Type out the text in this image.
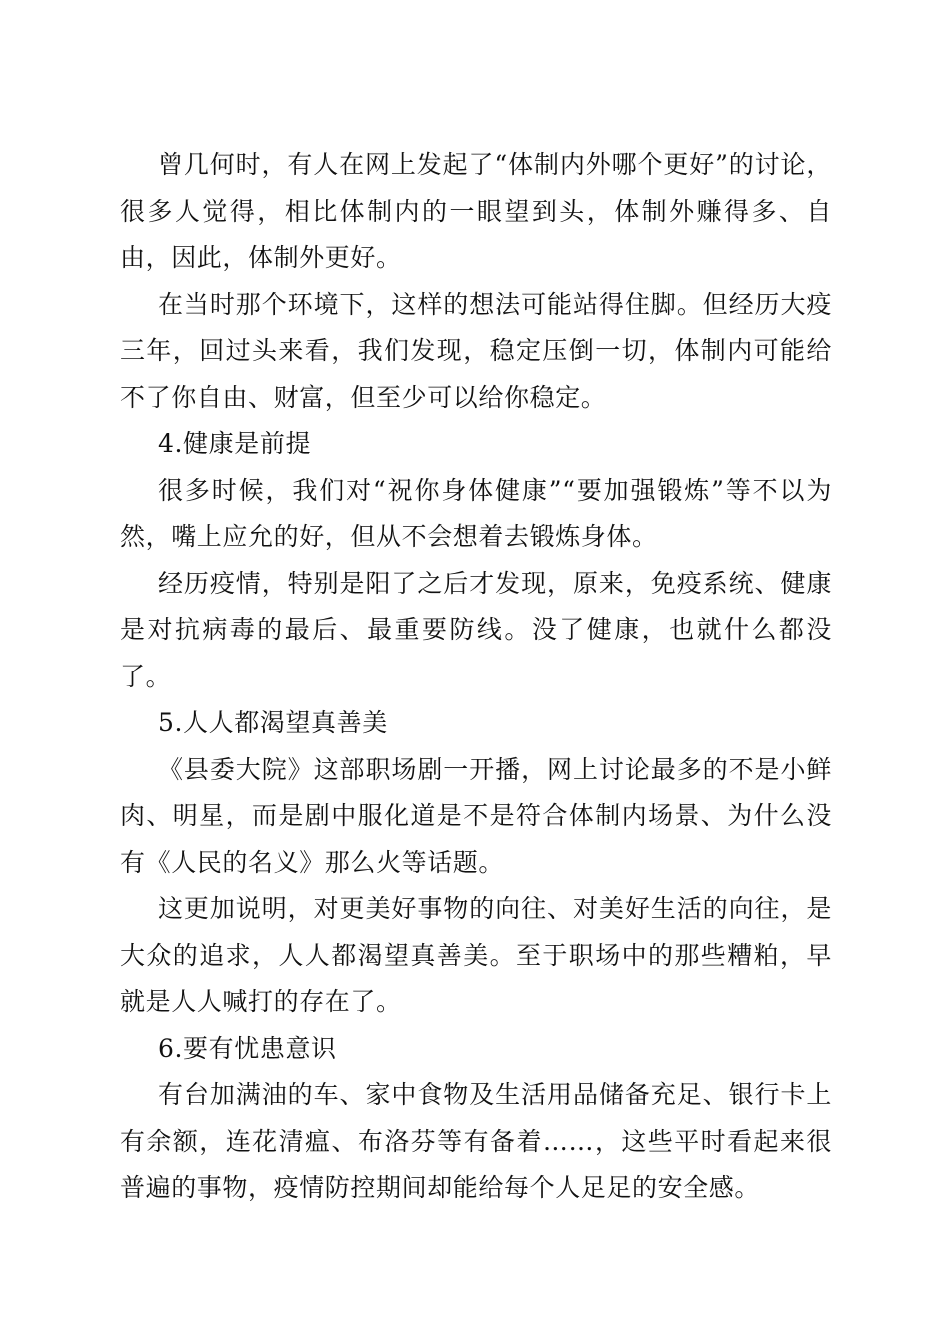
曾几何时，有人在网上发起了“体制内外哪个更好”的讨论，很多人觉得，相比体制内的一眼望到头，体制外赚得多、自由，因此，体制外更好。

在当时那个环境下，这样的想法可能站得住脚。但经历大疫三年，回过头来看，我们发现，稳定压倒一切，体制内可能给不了你自由、财富，但至少可以给你稳定。

4.健康是前提

很多时候，我们对“祝你身体健康”“要加强锻炼”等不以为然，嘴上应允的好，但从不会想着去锻炼身体。

经历疫情，特别是阳了之后才发现，原来，免疫系统、健康是对抗病毒的最后、最重要防线。没了健康，也就什么都没了。

5.人人都渴望真善美

《县委大院》这部职场剧一开播，网上讨论最多的不是小鲜肉、明星，而是剧中服化道是不是符合体制内场景、为什么没有《人民的名义》那么火等话题。

这更加说明，对更美好事物的向往、对美好生活的向往，是大众的追求，人人都渴望真善美。至于职场中的那些糟粕，早就是人人喊打的存在了。

6.要有忧患意识

有台加满油的车、家中食物及生活用品储备充足、银行卡上有余额，连花清瘟、布洛芬等有备着……，这些平时看起来很普遍的事物，疫情防控期间却能给每个人足足的安全感。
